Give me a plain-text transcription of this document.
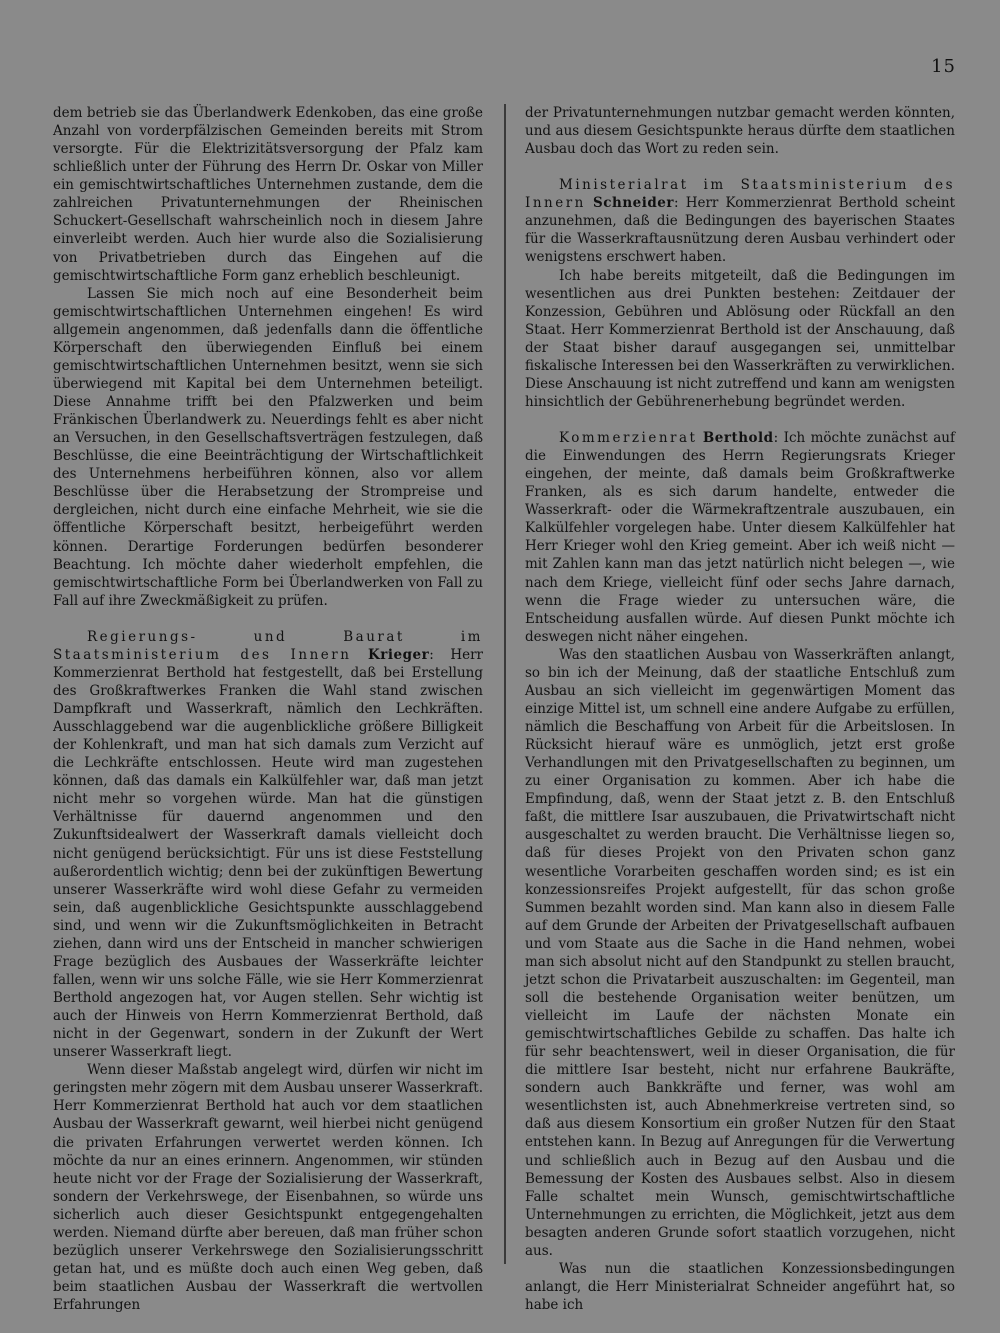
15

dem betrieb sie das Überlandwerk Edenkoben, das eine große Anzahl von vorderpfälzischen Gemeinden bereits mit Strom versorgte. Für die Elektrizitätsversorgung der Pfalz kam schließlich unter der Führung des Herrn Dr. Oskar von Miller ein gemischtwirtschaftliches Unternehmen zustande, dem die zahlreichen Privatunternehmungen der Rheinischen Schuckert-Gesellschaft wahrscheinlich noch in diesem Jahre einverleibt werden. Auch hier wurde also die Sozialisierung von Privatbetrieben durch das Eingehen auf die gemischtwirtschaftliche Form ganz erheblich beschleunigt.

Lassen Sie mich noch auf eine Besonderheit beim gemischtwirtschaftlichen Unternehmen eingehen! Es wird allgemein angenommen, daß jedenfalls dann die öffentliche Körperschaft den überwiegenden Einfluß bei einem gemischtwirtschaftlichen Unternehmen besitzt, wenn sie sich überwiegend mit Kapital bei dem Unternehmen beteiligt. Diese Annahme trifft bei den Pfalzwerken und beim Fränkischen Überlandwerk zu. Neuerdings fehlt es aber nicht an Versuchen, in den Gesellschaftsverträgen festzulegen, daß Beschlüsse, die eine Beeinträchtigung der Wirtschaftlichkeit des Unternehmens herbeiführen können, also vor allem Beschlüsse über die Herabsetzung der Strompreise und dergleichen, nicht durch eine einfache Mehrheit, wie sie die öffentliche Körperschaft besitzt, herbeigeführt werden können. Derartige Forderungen bedürfen besonderer Beachtung. Ich möchte daher wiederholt empfehlen, die gemischtwirtschaftliche Form bei Überlandwerken von Fall zu Fall auf ihre Zweckmäßigkeit zu prüfen.

Regierungs- und Baurat im Staatsministerium des Innern Krieger: Herr Kommerzienrat Berthold hat festgestellt, daß bei Erstellung des Großkraftwerkes Franken die Wahl stand zwischen Dampfkraft und Wasserkraft, nämlich den Lechkräften. Ausschlaggebend war die augenblickliche größere Billigkeit der Kohlenkraft, und man hat sich damals zum Verzicht auf die Lechkräfte entschlossen. Heute wird man zugestehen können, daß das damals ein Kalkülfehler war, daß man jetzt nicht mehr so vorgehen würde. Man hat die günstigen Verhältnisse für dauernd angenommen und den Zukunftsidealwert der Wasserkraft damals vielleicht doch nicht genügend berücksichtigt. Für uns ist diese Feststellung außerordentlich wichtig; denn bei der zukünftigen Bewertung unserer Wasserkräfte wird wohl diese Gefahr zu vermeiden sein, daß augenblickliche Gesichtspunkte ausschlaggebend sind, und wenn wir die Zukunftsmöglichkeiten in Betracht ziehen, dann wird uns der Entscheid in mancher schwierigen Frage bezüglich des Ausbaues der Wasserkräfte leichter fallen, wenn wir uns solche Fälle, wie sie Herr Kommerzienrat Berthold angezogen hat, vor Augen stellen. Sehr wichtig ist auch der Hinweis von Herrn Kommerzienrat Berthold, daß nicht in der Gegenwart, sondern in der Zukunft der Wert unserer Wasserkraft liegt.

Wenn dieser Maßstab angelegt wird, dürfen wir nicht im geringsten mehr zögern mit dem Ausbau unserer Wasserkraft. Herr Kommerzienrat Berthold hat auch vor dem staatlichen Ausbau der Wasserkraft gewarnt, weil hierbei nicht genügend die privaten Erfahrungen verwertet werden können. Ich möchte da nur an eines erinnern. Angenommen, wir stünden heute nicht vor der Frage der Sozialisierung der Wasserkraft, sondern der Verkehrswege, der Eisenbahnen, so würde uns sicherlich auch dieser Gesichtspunkt entgegengehalten werden. Niemand dürfte aber bereuen, daß man früher schon bezüglich unserer Verkehrswege den Sozialisierungsschritt getan hat, und es müßte doch auch einen Weg geben, daß beim staatlichen Ausbau der Wasserkraft die wertvollen Erfahrungen

der Privatunternehmungen nutzbar gemacht werden könnten, und aus diesem Gesichtspunkte heraus dürfte dem staatlichen Ausbau doch das Wort zu reden sein.

Ministerialrat im Staatsministerium des Innern Schneider: Herr Kommerzienrat Berthold scheint anzunehmen, daß die Bedingungen des bayerischen Staates für die Wasserkraftausnützung deren Ausbau verhindert oder wenigstens erschwert haben.

Ich habe bereits mitgeteilt, daß die Bedingungen im wesentlichen aus drei Punkten bestehen: Zeitdauer der Konzession, Gebühren und Ablösung oder Rückfall an den Staat. Herr Kommerzienrat Berthold ist der Anschauung, daß der Staat bisher darauf ausgegangen sei, unmittelbar fiskalische Interessen bei den Wasserkräften zu verwirklichen. Diese Anschauung ist nicht zutreffend und kann am wenigsten hinsichtlich der Gebührenerhebung begründet werden.

Kommerzienrat Berthold: Ich möchte zunächst auf die Einwendungen des Herrn Regierungsrats Krieger eingehen, der meinte, daß damals beim Großkraftwerke Franken, als es sich darum handelte, entweder die Wasserkraft- oder die Wärmekraftzentrale auszubauen, ein Kalkülfehler vorgelegen habe. Unter diesem Kalkülfehler hat Herr Krieger wohl den Krieg gemeint. Aber ich weiß nicht — mit Zahlen kann man das jetzt natürlich nicht belegen —, wie nach dem Kriege, vielleicht fünf oder sechs Jahre darnach, wenn die Frage wieder zu untersuchen wäre, die Entscheidung ausfallen würde. Auf diesen Punkt möchte ich deswegen nicht näher eingehen.

Was den staatlichen Ausbau von Wasserkräften anlangt, so bin ich der Meinung, daß der staatliche Entschluß zum Ausbau an sich vielleicht im gegenwärtigen Moment das einzige Mittel ist, um schnell eine andere Aufgabe zu erfüllen, nämlich die Beschaffung von Arbeit für die Arbeitslosen. In Rücksicht hierauf wäre es unmöglich, jetzt erst große Verhandlungen mit den Privatgesellschaften zu beginnen, um zu einer Organisation zu kommen. Aber ich habe die Empfindung, daß, wenn der Staat jetzt z. B. den Entschluß faßt, die mittlere Isar auszubauen, die Privatwirtschaft nicht ausgeschaltet zu werden braucht. Die Verhältnisse liegen so, daß für dieses Projekt von den Privaten schon ganz wesentliche Vorarbeiten geschaffen worden sind; es ist ein konzessionsreifes Projekt aufgestellt, für das schon große Summen bezahlt worden sind. Man kann also in diesem Falle auf dem Grunde der Arbeiten der Privatgesellschaft aufbauen und vom Staate aus die Sache in die Hand nehmen, wobei man sich absolut nicht auf den Standpunkt zu stellen braucht, jetzt schon die Privatarbeit auszuschalten: im Gegenteil, man soll die bestehende Organisation weiter benützen, um vielleicht im Laufe der nächsten Monate ein gemischtwirtschaftliches Gebilde zu schaffen. Das halte ich für sehr beachtenswert, weil in dieser Organisation, die für die mittlere Isar besteht, nicht nur erfahrene Baukräfte, sondern auch Bankkräfte und ferner, was wohl am wesentlichsten ist, auch Abnehmerkreise vertreten sind, so daß aus diesem Konsortium ein großer Nutzen für den Staat entstehen kann. In Bezug auf Anregungen für die Verwertung und schließlich auch in Bezug auf den Ausbau und die Bemessung der Kosten des Ausbaues selbst. Also in diesem Falle schaltet mein Wunsch, gemischtwirtschaftliche Unternehmungen zu errichten, die Möglichkeit, jetzt aus dem besagten anderen Grunde sofort staatlich vorzugehen, nicht aus.

Was nun die staatlichen Konzessionsbedingungen anlangt, die Herr Ministerialrat Schneider angeführt hat, so habe ich
